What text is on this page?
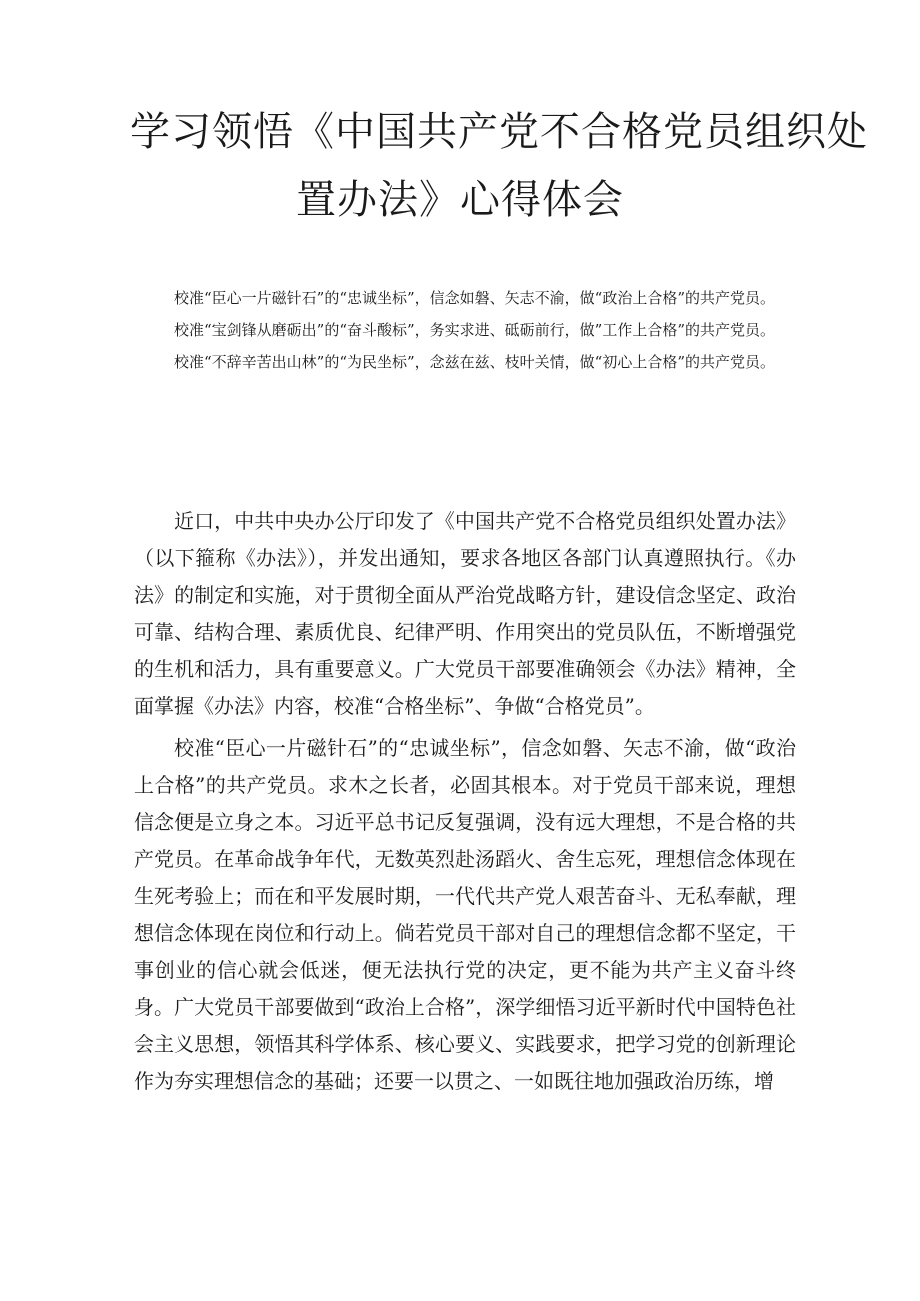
学习领悟《中国共产党不合格党员组织处
置办法》心得体会

校准“臣心一片磁针石”的“忠诚坐标”，信念如磐、矢志不渝，做“政治上合格”的共产党员。

校准“宝剑锋从磨砺出”的“奋斗酸标”，务实求进、砥砺前行，做”工作上合格”的共产党员。

校准“不辞辛苦出山林”的“为民坐标”，念兹在兹、枝叶关情，做“初心上合格”的共产党员。

近口，中共中央办公厅印发了《中国共产党不合格党员组织处置办法》（以下箍称《办法》），并发出通知，要求各地区各部门认真遵照执行。《办法》的制定和实施，对于贯彻全面从严治党战略方针，建设信念坚定、政治可靠、结构合理、素质优良、纪律严明、作用突出的党员队伍，不断增强党的生机和活力，具有重要意义。广大党员干部要准确领会《办法》精神，全面掌握《办法》内容，校准“合格坐标”、争做“合格党员”。

校准“臣心一片磁针石”的“忠诚坐标”，信念如磐、矢志不渝，做“政治上合格”的共产党员。求木之长者，必固其根本。对于党员干部来说，理想信念便是立身之本。习近平总书记反复强调，没有远大理想，不是合格的共产党员。在革命战争年代，无数英烈赴汤蹈火、舍生忘死，理想信念体现在生死考验上；而在和平发展时期，一代代共产党人艰苦奋斗、无私奉献，理想信念体现在岗位和行动上。倘若党员干部对自己的理想信念都不坚定，干事创业的信心就会低迷，便无法执行党的决定，更不能为共产主义奋斗终身。广大党员干部要做到“政治上合格”，深学细悟习近平新时代中国特色社会主义思想，领悟其科学体系、核心要义、实践要求，把学习党的创新理论作为夯实理想信念的基础；还要一以贯之、一如既往地加强政治历练，增
